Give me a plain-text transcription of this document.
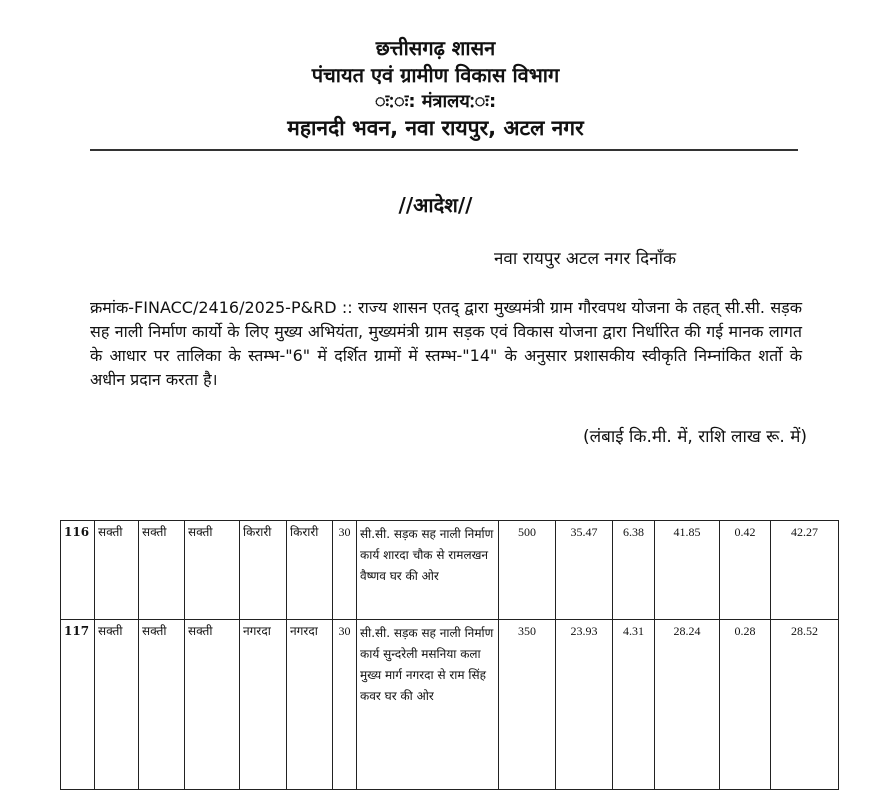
छत्तीसगढ़ शासन
पंचायत एवं ग्रामीण विकास विभाग
ः:ः: मंत्रालय:ः:
महानदी भवन, नवा रायपुर, अटल नगर
//आदेश//
नवा रायपुर अटल नगर दिनाँक
क्रमांक-FINACC/2416/2025-P&RD :: राज्य शासन एतद् द्वारा मुख्यमंत्री ग्राम गौरवपथ योजना के तहत् सी.सी. सड़क सह नाली निर्माण कार्यो के लिए मुख्य अभियंता, मुख्यमंत्री ग्राम सड़क एवं विकास योजना द्वारा निर्धारित की गई मानक लागत के आधार पर तालिका के स्तम्भ-"6" में दर्शित ग्रामों में स्तम्भ-"14" के अनुसार प्रशासकीय स्वीकृति निम्नांकित शर्तो के अधीन प्रदान करता है।
(लंबाई कि.मी. में, राशि लाख रू. में)
116	सक्ती	सक्ती	सक्ती	किरारी	किरारी	30	सी.सी. सड़क सह नाली निर्माण कार्य शारदा चौक से रामलखन वैष्णव घर की ओर	500	35.47	6.38	41.85	0.42	42.27
117	सक्ती	सक्ती	सक्ती	नगरदा	नगरदा	30	सी.सी. सड़क सह नाली निर्माण कार्य सुन्दरेली मसनिया कला मुख्य मार्ग नगरदा से राम सिंह कवर घर की ओर	350	23.93	4.31	28.24	0.28	28.52
